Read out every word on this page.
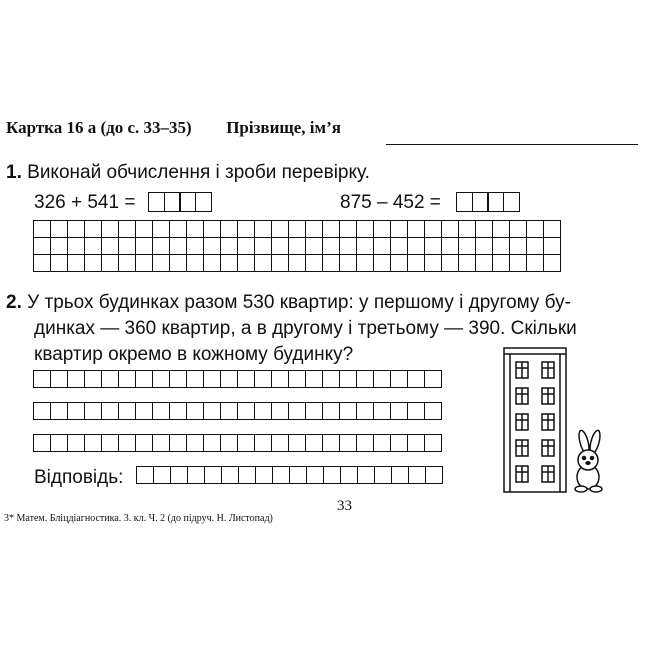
Картка 16 а (до с. 33–35) Прізвище, ім’я
1. Виконай обчислення і зроби перевірку.
326 + 541 =	875 – 452 =

2. У трьох будинках разом 530 квартир: у першому і другому бу-
динках — 360 квартир, а в другому і третьому — 390. Скільки
квартир окремо в кожному будинку?

Відповідь:

33
3* Матем. Бліцдіагностика. 3. кл. Ч. 2 (до підруч. Н. Листопад)
